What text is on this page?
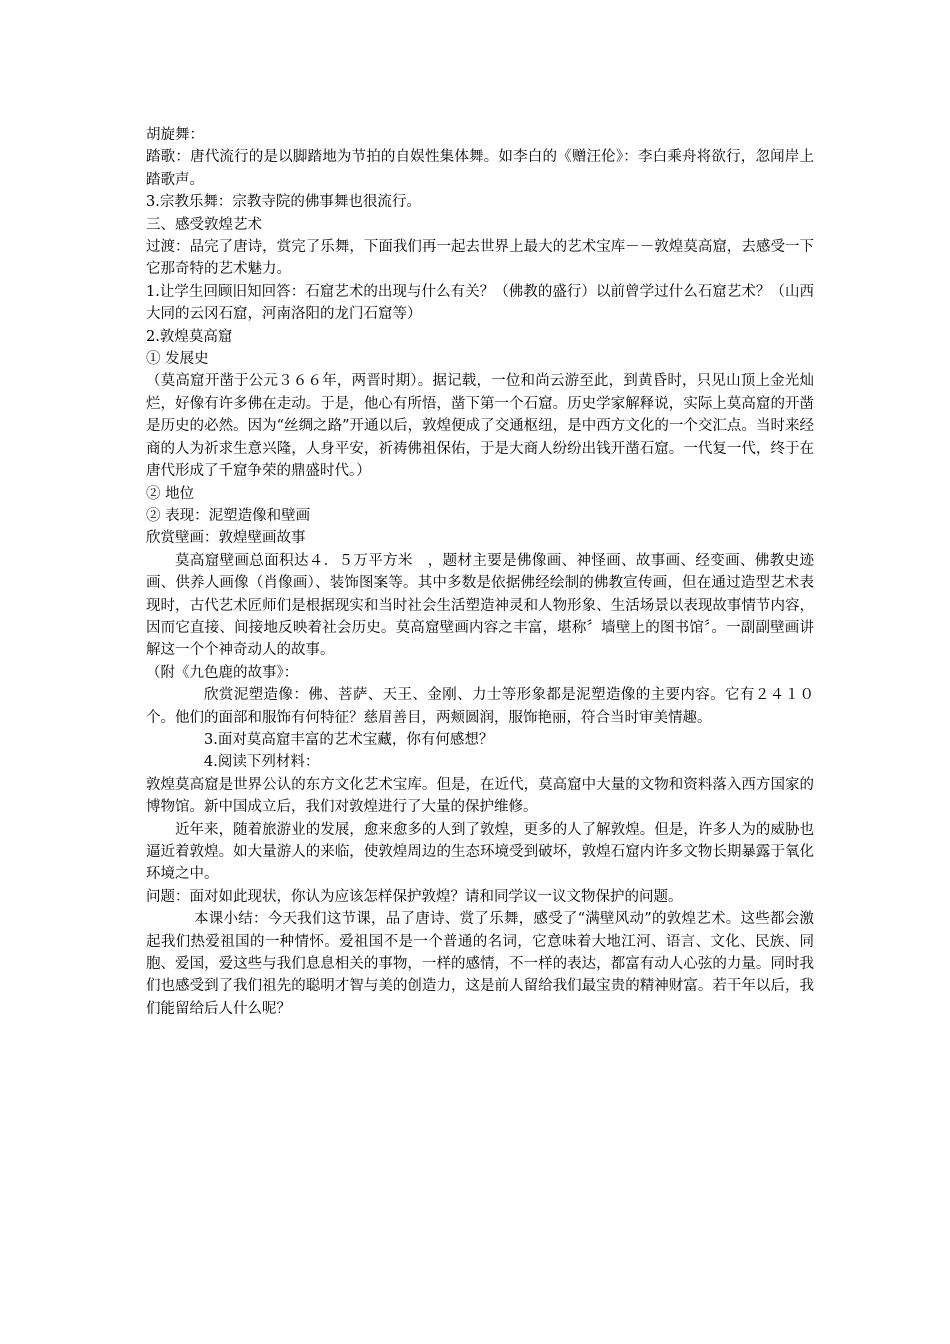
胡旋舞：

踏歌：唐代流行的是以脚踏地为节拍的自娱性集体舞。如李白的《赠汪伦》：李白乘舟将欲行，忽闻岸上踏歌声。

3.宗教乐舞：宗教寺院的佛事舞也很流行。

三、感受敦煌艺术

过渡：品完了唐诗，赏完了乐舞，下面我们再一起去世界上最大的艺术宝库－－敦煌莫高窟，去感受一下它那奇特的艺术魅力。

1.让学生回顾旧知回答：石窟艺术的出现与什么有关？（佛教的盛行）以前曾学过什么石窟艺术？（山西大同的云冈石窟，河南洛阳的龙门石窟等）

2.敦煌莫高窟

① 发展史

（莫高窟开凿于公元３６６年，两晋时期）。据记载，一位和尚云游至此，到黄昏时，只见山顶上金光灿烂，好像有许多佛在走动。于是，他心有所悟，凿下第一个石窟。历史学家解释说，实际上莫高窟的开凿是历史的必然。因为“丝绸之路”开通以后，敦煌便成了交通枢纽，是中西方文化的一个交汇点。当时来经商的人为祈求生意兴隆，人身平安，祈祷佛祖保佑，于是大商人纷纷出钱开凿石窟。一代复一代，终于在唐代形成了千窟争荣的鼎盛时代。）

② 地位

② 表现：泥塑造像和壁画

欣赏壁画：敦煌壁画故事

莫高窟壁画总面积达４．５万平方米　，题材主要是佛像画、神怪画、故事画、经变画、佛教史迹画、供养人画像（肖像画）、装饰图案等。其中多数是依据佛经绘制的佛教宣传画，但在通过造型艺术表现时，古代艺术匠师们是根据现实和当时社会生活塑造神灵和人物形象、生活场景以表现故事情节内容，因而它直接、间接地反映着社会历史。莫高窟壁画内容之丰富，堪称〞墙壁上的图书馆〞。一副副壁画讲解这一个个神奇动人的故事。

（附《九色鹿的故事》：

欣赏泥塑造像：佛、菩萨、天王、金刚、力士等形象都是泥塑造像的主要内容。它有２４１０个。他们的面部和服饰有何特征？慈眉善目，两颊圆润，服饰艳丽，符合当时审美情趣。

3.面对莫高窟丰富的艺术宝藏，你有何感想？

4.阅读下列材料：

敦煌莫高窟是世界公认的东方文化艺术宝库。但是，在近代，莫高窟中大量的文物和资料落入西方国家的博物馆。新中国成立后，我们对敦煌进行了大量的保护维修。

近年来，随着旅游业的发展，愈来愈多的人到了敦煌，更多的人了解敦煌。但是，许多人为的威胁也逼近着敦煌。如大量游人的来临，使敦煌周边的生态环境受到破坏，敦煌石窟内许多文物长期暴露于氧化环境之中。

问题：面对如此现状，你认为应该怎样保护敦煌？请和同学议一议文物保护的问题。

本课小结：今天我们这节课，品了唐诗、赏了乐舞，感受了“满壁风动”的敦煌艺术。这些都会激起我们热爱祖国的一种情怀。爱祖国不是一个普通的名词，它意味着大地江河、语言、文化、民族、同胞、爱国，爱这些与我们息息相关的事物，一样的感情，不一样的表达，都富有动人心弦的力量。同时我们也感受到了我们祖先的聪明才智与美的创造力，这是前人留给我们最宝贵的精神财富。若干年以后，我们能留给后人什么呢？
